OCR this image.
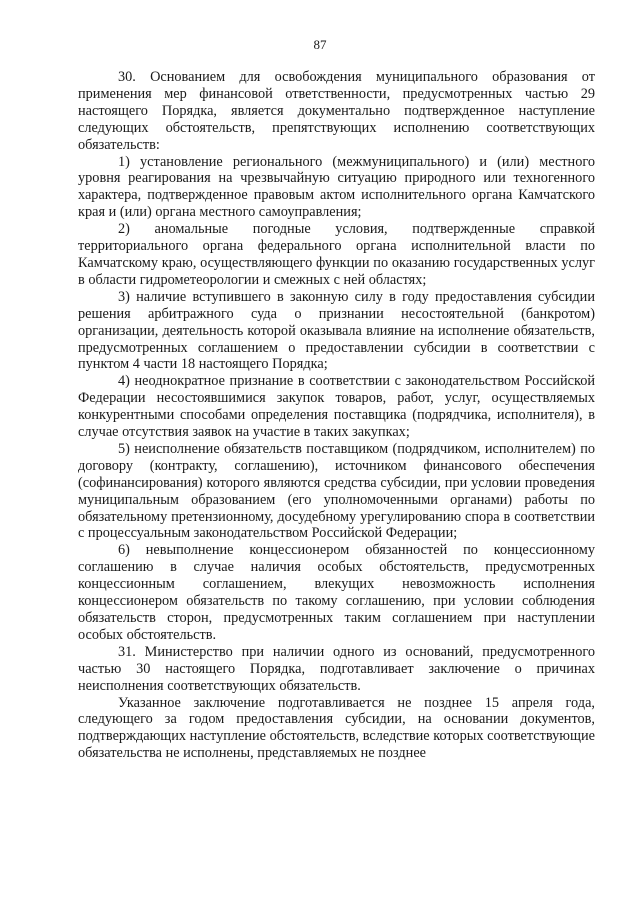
87

30. Основанием для освобождения муниципального образования от применения мер финансовой ответственности, предусмотренных частью 29 настоящего Порядка, является документально подтвержденное наступление следующих обстоятельств, препятствующих исполнению соответствующих обязательств:

1) установление регионального (межмуниципального) и (или) местного уровня реагирования на чрезвычайную ситуацию природного или техногенного характера, подтвержденное правовым актом исполнительного органа Камчатского края и (или) органа местного самоуправления;

2) аномальные погодные условия, подтвержденные справкой территориального органа федерального органа исполнительной власти по Камчатскому краю, осуществляющего функции по оказанию государственных услуг в области гидрометеорологии и смежных с ней областях;

3) наличие вступившего в законную силу в году предоставления субсидии решения арбитражного суда о признании несостоятельной (банкротом) организации, деятельность которой оказывала влияние на исполнение обязательств, предусмотренных соглашением о предоставлении субсидии в соответствии с пунктом 4 части 18 настоящего Порядка;

4) неоднократное признание в соответствии с законодательством Российской Федерации несостоявшимися закупок товаров, работ, услуг, осуществляемых конкурентными способами определения поставщика (подрядчика, исполнителя), в случае отсутствия заявок на участие в таких закупках;

5) неисполнение обязательств поставщиком (подрядчиком, исполнителем) по договору (контракту, соглашению), источником финансового обеспечения (софинансирования) которого являются средства субсидии, при условии проведения муниципальным образованием (его уполномоченными органами) работы по обязательному претензионному, досудебному урегулированию спора в соответствии с процессуальным законодательством Российской Федерации;

6) невыполнение концессионером обязанностей по концессионному соглашению в случае наличия особых обстоятельств, предусмотренных концессионным соглашением, влекущих невозможность исполнения концессионером обязательств по такому соглашению, при условии соблюдения обязательств сторон, предусмотренных таким соглашением при наступлении особых обстоятельств.

31. Министерство при наличии одного из оснований, предусмотренного частью 30 настоящего Порядка, подготавливает заключение о причинах неисполнения соответствующих обязательств.

Указанное заключение подготавливается не позднее 15 апреля года, следующего за годом предоставления субсидии, на основании документов, подтверждающих наступление обстоятельств, вследствие которых соответствующие обязательства не исполнены, представляемых не позднее
